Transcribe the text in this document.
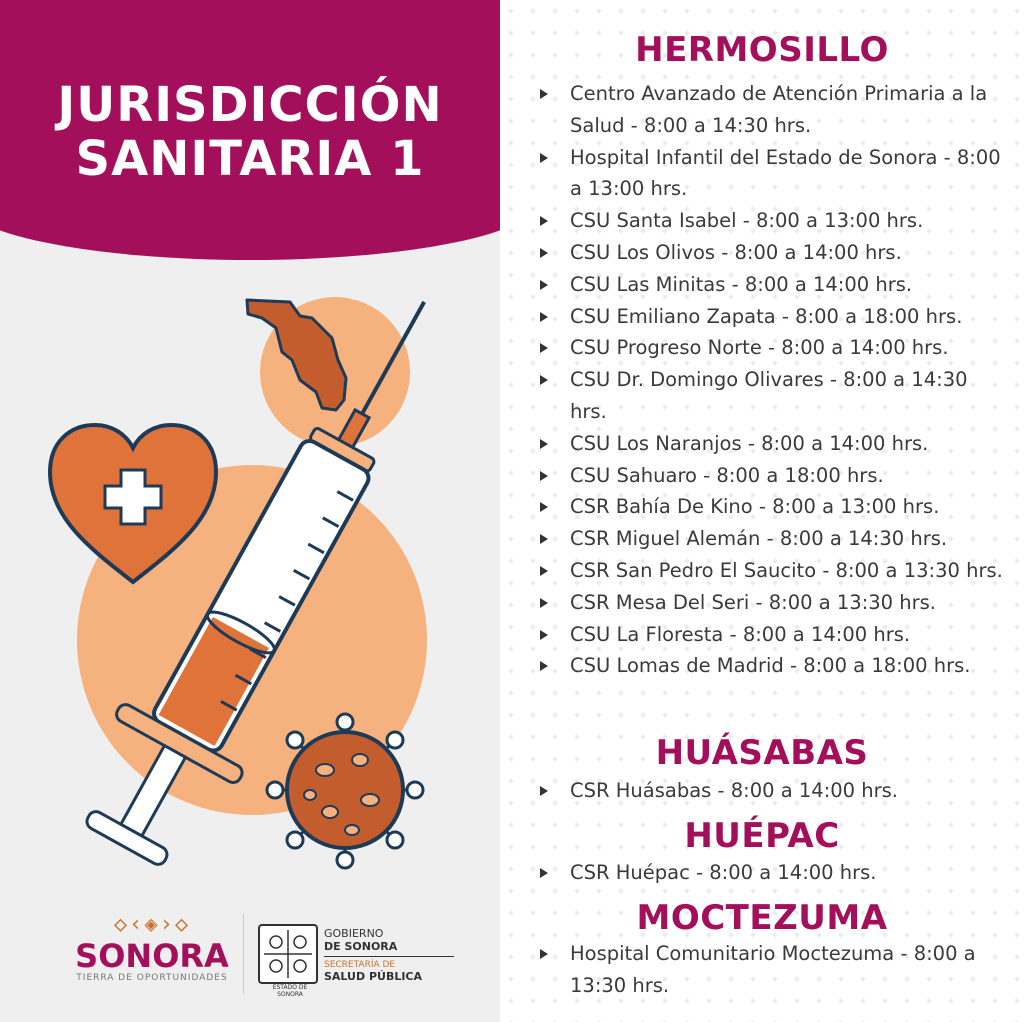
JURISDICCIÓN
SANITARIA 1
◇‹◈›◇
SONORA
TIERRA DE OPORTUNIDADES
ESTADO DE SONORA
GOBIERNO
DE SONORA
SECRETARÍA DE
SALUD PÚBLICA
HERMOSILLO
Centro Avanzado de Atención Primaria a la Salud - 8:00 a 14:30 hrs.
Hospital Infantil del Estado de Sonora - 8:00 a 13:00 hrs.
CSU Santa Isabel - 8:00 a 13:00 hrs.
CSU Los Olivos - 8:00 a 14:00 hrs.
CSU Las Minitas - 8:00 a 14:00 hrs.
CSU Emiliano Zapata - 8:00 a 18:00 hrs.
CSU Progreso Norte - 8:00 a 14:00 hrs.
CSU Dr. Domingo Olivares - 8:00 a 14:30 hrs.
CSU Los Naranjos - 8:00 a 14:00 hrs.
CSU Sahuaro - 8:00 a 18:00 hrs.
CSR Bahía De Kino - 8:00 a 13:00 hrs.
CSR Miguel Alemán - 8:00 a 14:30 hrs.
CSR San Pedro El Saucito - 8:00 a 13:30 hrs.
CSR Mesa Del Seri - 8:00 a 13:30 hrs.
CSU La Floresta - 8:00 a 14:00 hrs.
CSU Lomas de Madrid - 8:00 a 18:00 hrs.
HUÁSABAS
CSR Huásabas - 8:00 a 14:00 hrs.
HUÉPAC
CSR Huépac - 8:00 a 14:00 hrs.
MOCTEZUMA
Hospital Comunitario Moctezuma - 8:00 a 13:30 hrs.
